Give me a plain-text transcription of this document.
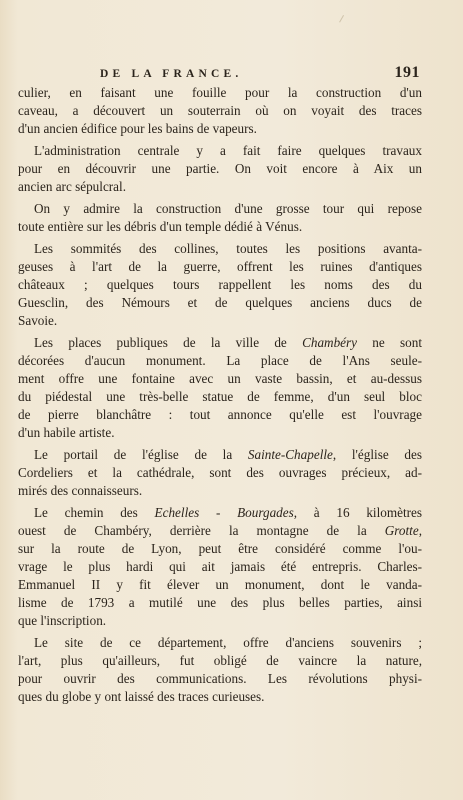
DE LA FRANCE.	191
culier, en faisant une fouille pour la construction d'un
caveau, a découvert un souterrain où on voyait des traces
d'un ancien édifice pour les bains de vapeurs.
L'administration centrale y a fait faire quelques travaux
pour en découvrir une partie. On voit encore à Aix un
ancien arc sépulcral.
On y admire la construction d'une grosse tour qui repose
toute entière sur les débris d'un temple dédié à Vénus.
Les sommités des collines, toutes les positions avanta-
geuses à l'art de la guerre, offrent les ruines d'antiques
châteaux ; quelques tours rappellent les noms des du
Guesclin, des Némours et de quelques anciens ducs de
Savoie.
Les places publiques de la ville de Chambéry ne sont
décorées d'aucun monument. La place de l'Ans seule-
ment offre une fontaine avec un vaste bassin, et au-dessus
du piédestal une très-belle statue de femme, d'un seul bloc
de pierre blanchâtre : tout annonce qu'elle est l'ouvrage
d'un habile artiste.
Le portail de l'église de la Sainte-Chapelle, l'église des
Cordeliers et la cathédrale, sont des ouvrages précieux, ad-
mirés des connaisseurs.
Le chemin des Echelles - Bourgades, à 16 kilomètres
ouest de Chambéry, derrière la montagne de la Grotte,
sur la route de Lyon, peut être considéré comme l'ou-
vrage le plus hardi qui ait jamais été entrepris. Charles-
Emmanuel II y fit élever un monument, dont le vanda-
lisme de 1793 a mutilé une des plus belles parties, ainsi
que l'inscription.
Le site de ce département, offre d'anciens souvenirs ;
l'art, plus qu'ailleurs, fut obligé de vaincre la nature,
pour ouvrir des communications. Les révolutions physi-
ques du globe y ont laissé des traces curieuses.
